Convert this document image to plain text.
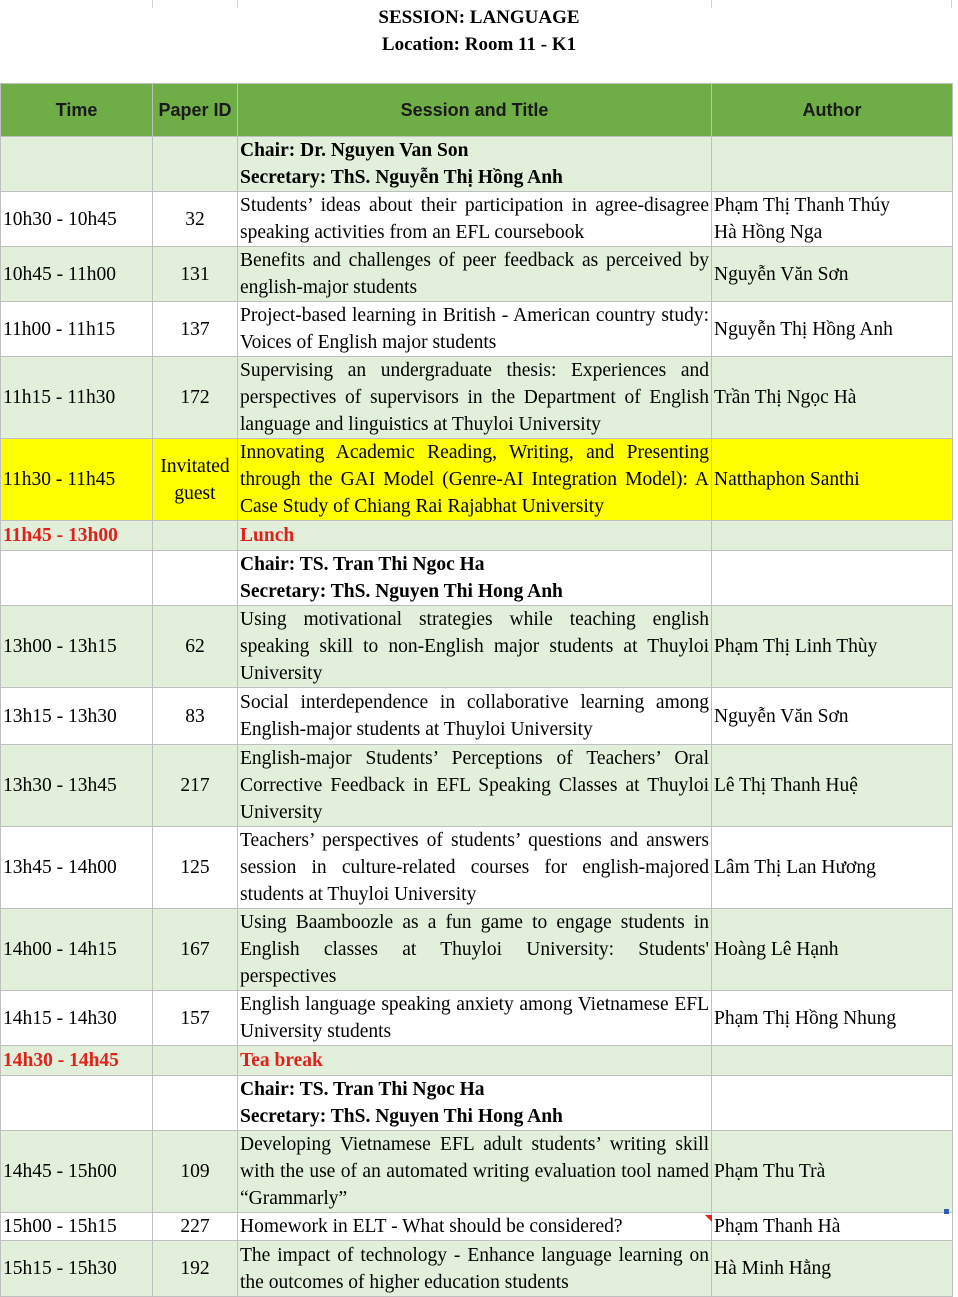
SESSION: LANGUAGE
Location: Room 11 - K1
Time	Paper ID	Session and Title	Author

		Chair: Dr. Nguyen Van Son
Secretary: ThS. Nguyễn Thị Hồng Anh	

10h30 - 10h45	32	Students’ ideas about their participation in agree-disagree speaking activities from an EFL coursebook	Phạm Thị Thanh Thúy
Hà Hồng Nga

10h45 - 11h00	131	Benefits and challenges of peer feedback as perceived by english-major students	Nguyễn Văn Sơn

11h00 - 11h15	137	Project-based learning in British - American country study: Voices of English major students	Nguyễn Thị Hồng Anh

11h15 - 11h30	172	Supervising an undergraduate thesis: Experiences and perspectives of supervisors in the Department of English language and linguistics at Thuyloi University	Trần Thị Ngọc Hà

11h30 - 11h45	Invitated guest	Innovating Academic Reading, Writing, and Presenting through the GAI Model (Genre-AI Integration Model): A Case Study of Chiang Rai Rajabhat University	Natthaphon Santhi

11h45 - 13h00		Lunch	

		Chair: TS. Tran Thi Ngoc Ha
Secretary: ThS. Nguyen Thi Hong Anh	

13h00 - 13h15	62	Using motivational strategies while teaching english speaking skill to non-English major students at Thuyloi University	Phạm Thị Linh Thùy

13h15 - 13h30	83	Social interdependence in collaborative learning among English-major students at Thuyloi University	Nguyễn Văn Sơn

13h30 - 13h45	217	English-major Students’ Perceptions of Teachers’ Oral Corrective Feedback in EFL Speaking Classes at Thuyloi University	Lê Thị Thanh Huệ

13h45 - 14h00	125	Teachers’ perspectives of students’ questions and answers session in culture-related courses for english-majored students at Thuyloi University	Lâm Thị Lan Hương

14h00 - 14h15	167	Using Baamboozle as a fun game to engage students in English classes at Thuyloi University: Students' perspectives	Hoàng Lê Hạnh

14h15 - 14h30	157	English language speaking anxiety among Vietnamese EFL University students	Phạm Thị Hồng Nhung

14h30 - 14h45		Tea break	

		Chair: TS. Tran Thi Ngoc Ha
Secretary: ThS. Nguyen Thi Hong Anh	

14h45 - 15h00	109	Developing Vietnamese EFL adult students’ writing skill with the use of an automated writing evaluation tool named “Grammarly”	Phạm Thu Trà

15h00 - 15h15	227	Homework in ELT - What should be considered?	Phạm Thanh Hà

15h15 - 15h30	192	The impact of technology - Enhance language learning on the outcomes of higher education students	Hà Minh Hằng
